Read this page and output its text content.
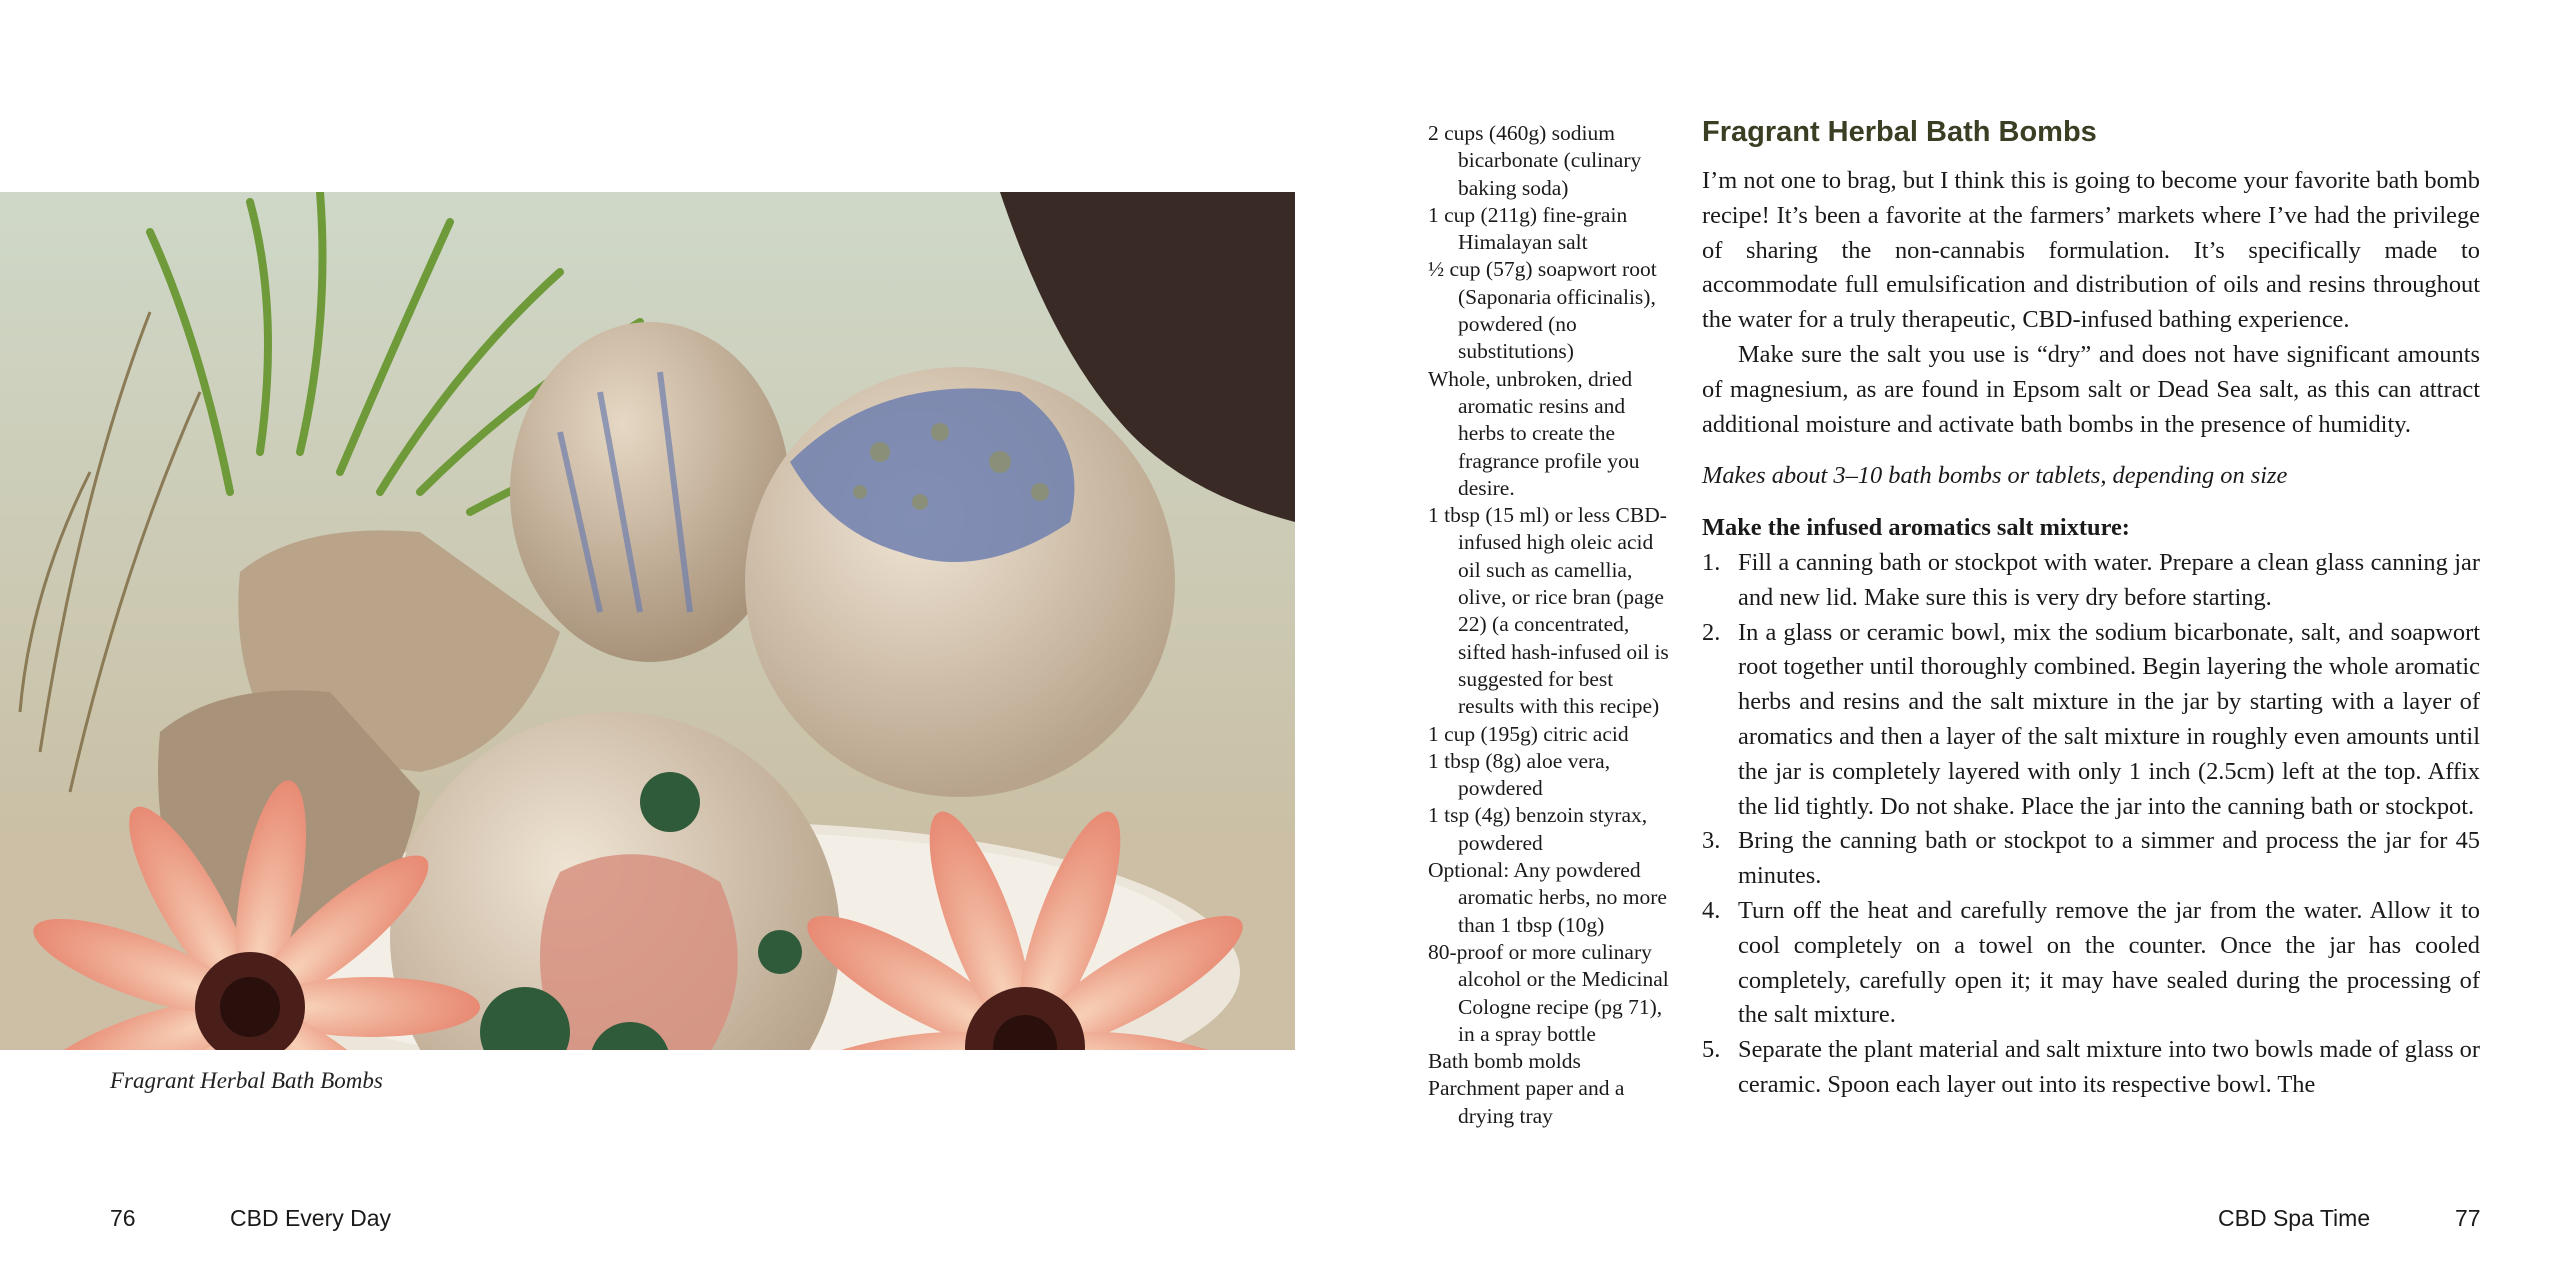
Fragrant Herbal Bath Bombs
76	CBD Every Day
2 cups (460g) sodium bicarbonate (culinary baking soda)
1 cup (211g) fine-grain Himalayan salt
½ cup (57g) soapwort root (Saponaria officinalis), powdered (no substitutions)
Whole, unbroken, dried aromatic resins and herbs to create the fragrance profile you desire.
1 tbsp (15 ml) or less CBD-infused high oleic acid oil such as camellia, olive, or rice bran (page 22) (a concentrated, sifted hash-infused oil is suggested for best results with this recipe)
1 cup (195g) citric acid
1 tbsp (8g) aloe vera, powdered
1 tsp (4g) benzoin styrax, powdered
Optional: Any powdered aromatic herbs, no more than 1 tbsp (10g)
80-proof or more culinary alcohol or the Medicinal Cologne recipe (pg 71), in a spray bottle
Bath bomb molds
Parchment paper and a drying tray
Fragrant Herbal Bath Bombs

I’m not one to brag, but I think this is going to become your favorite bath bomb recipe! It’s been a favorite at the farmers’ markets where I’ve had the privilege of sharing the non-cannabis formulation. It’s specifically made to accommodate full emulsification and distribution of oils and resins throughout the water for a truly therapeutic, CBD-infused bathing experience.

Make sure the salt you use is “dry” and does not have significant amounts of magnesium, as are found in Epsom salt or Dead Sea salt, as this can attract additional moisture and activate bath bombs in the presence of humidity.

Makes about 3–10 bath bombs or tablets, depending on size

Make the infused aromatics salt mixture:

1. Fill a canning bath or stockpot with water. Prepare a clean glass canning jar and new lid. Make sure this is very dry before starting.
2. In a glass or ceramic bowl, mix the sodium bicarbonate, salt, and soapwort root together until thoroughly combined. Begin layering the whole aromatic herbs and resins and the salt mixture in the jar by starting with a layer of aromatics and then a layer of the salt mixture in roughly even amounts until the jar is completely layered with only 1 inch (2.5cm) left at the top. Affix the lid tightly. Do not shake. Place the jar into the canning bath or stockpot.
3. Bring the canning bath or stockpot to a simmer and process the jar for 45 minutes.
4. Turn off the heat and carefully remove the jar from the water. Allow it to cool completely on a towel on the counter. Once the jar has cooled completely, carefully open it; it may have sealed during the processing of the salt mixture.
5. Separate the plant material and salt mixture into two bowls made of glass or ceramic. Spoon each layer out into its respective bowl. The
CBD Spa Time	77
